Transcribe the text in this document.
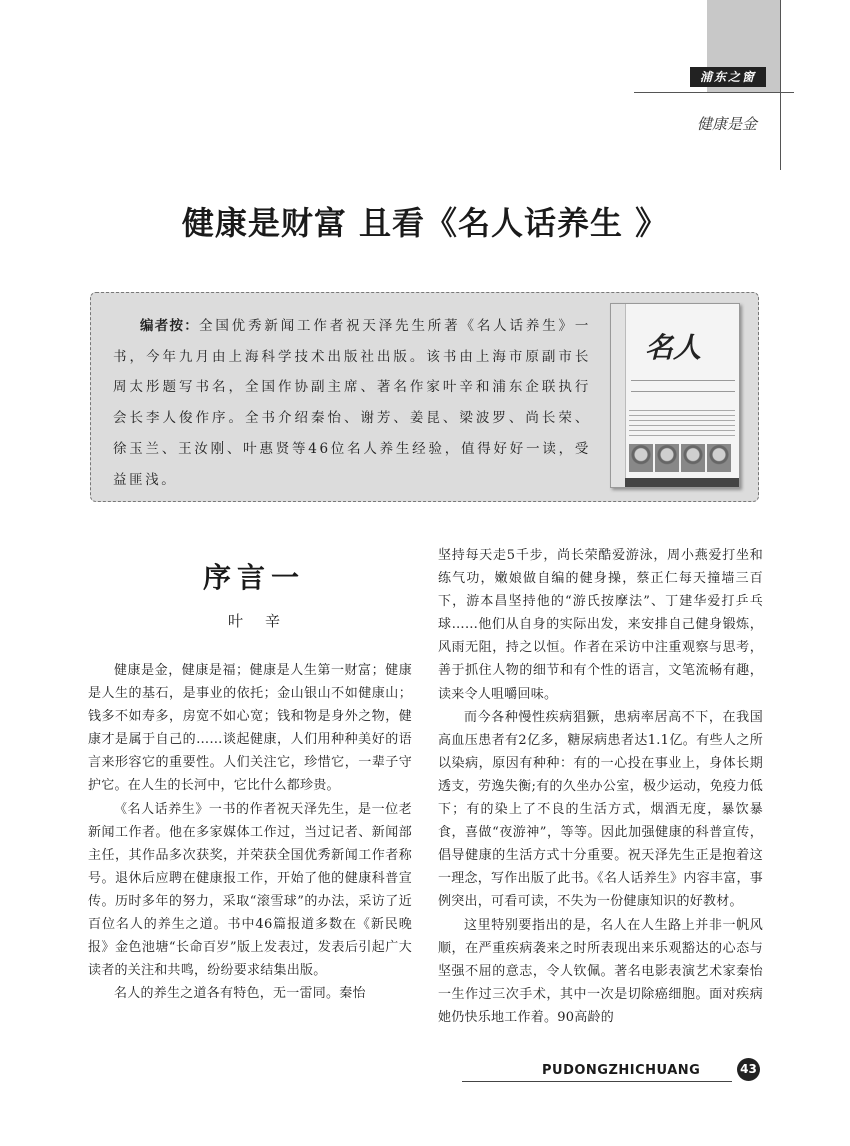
浦东之窗
健康是金
健康是财富 且看《名人话养生 》
编者按：全国优秀新闻工作者祝天泽先生所著《名人话养生》一书，今年九月由上海科学技术出版社出版。该书由上海市原副市长周太彤题写书名，全国作协副主席、著名作家叶辛和浦东企联执行会长李人俊作序。全书介绍秦怡、谢芳、姜昆、梁波罗、尚长荣、徐玉兰、王汝刚、叶惠贤等46位名人养生经验，值得好好一读，受益匪浅。
名人
序言一
叶辛

健康是金，健康是福；健康是人生第一财富；健康是人生的基石，是事业的依托；金山银山不如健康山；钱多不如寿多，房宽不如心宽；钱和物是身外之物，健康才是属于自己的……谈起健康，人们用种种美好的语言来形容它的重要性。人们关注它，珍惜它，一辈子守护它。在人生的长河中，它比什么都珍贵。

《名人话养生》一书的作者祝天泽先生，是一位老新闻工作者。他在多家媒体工作过，当过记者、新闻部主任，其作品多次获奖，并荣获全国优秀新闻工作者称号。退休后应聘在健康报工作，开始了他的健康科普宣传。历时多年的努力，采取“滚雪球”的办法，采访了近百位名人的养生之道。书中46篇报道多数在《新民晚报》金色池塘“长命百岁”版上发表过，发表后引起广大读者的关注和共鸣，纷纷要求结集出版。

名人的养生之道各有特色，无一雷同。秦怡

坚持每天走5千步，尚长荣酷爱游泳，周小燕爱打坐和练气功，嫩娘做自编的健身操，蔡正仁每天撞墙三百下，游本昌坚持他的“游氏按摩法”、丁建华爱打乒乓球……他们从自身的实际出发，来安排自己健身锻炼，风雨无阻，持之以恒。作者在采访中注重观察与思考，善于抓住人物的细节和有个性的语言，文笔流畅有趣，读来令人咀嚼回味。

而今各种慢性疾病猖獗，患病率居高不下，在我国高血压患者有2亿多，糖尿病患者达1.1亿。有些人之所以染病，原因有种种：有的一心投在事业上，身体长期透支，劳逸失衡;有的久坐办公室，极少运动，免疫力低下；有的染上了不良的生活方式，烟酒无度，暴饮暴食，喜做“夜游神”，等等。因此加强健康的科普宣传，倡导健康的生活方式十分重要。祝天泽先生正是抱着这一理念，写作出版了此书。《名人话养生》内容丰富，事例突出，可看可读，不失为一份健康知识的好教材。

这里特别要指出的是，名人在人生路上并非一帆风顺，在严重疾病袭来之时所表现出来乐观豁达的心态与坚强不屈的意志，令人钦佩。著名电影表演艺术家秦怡一生作过三次手术，其中一次是切除癌细胞。面对疾病她仍快乐地工作着。90高龄的

PUDONGZHICHUANG	43
